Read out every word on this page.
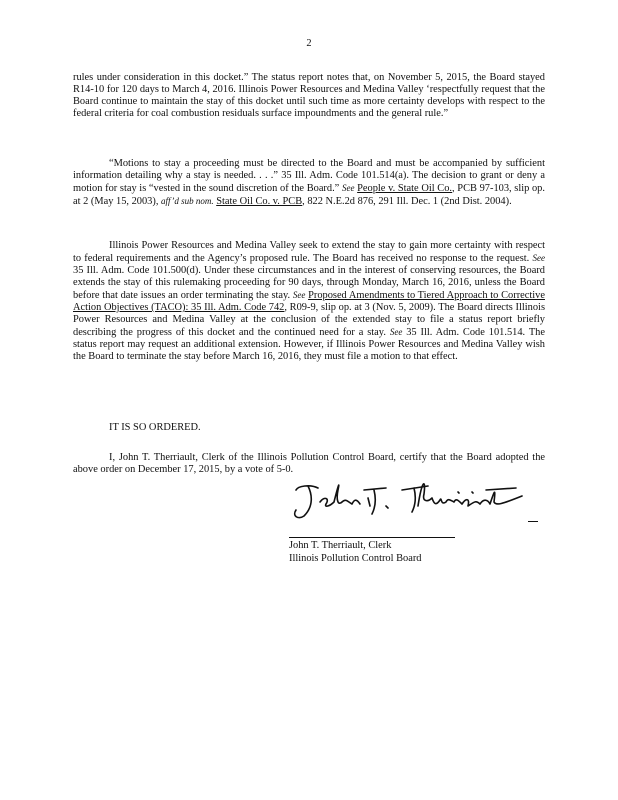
2
rules under consideration in this docket.” The status report notes that, on November 5, 2015, the Board stayed R14-10 for 120 days to March 4, 2016. Illinois Power Resources and Medina Valley ‘respectfully request that the Board continue to maintain the stay of this docket until such time as more certainty develops with respect to the federal criteria for coal combustion residuals surface impoundments and the general rule.”
“Motions to stay a proceeding must be directed to the Board and must be accompanied by sufficient information detailing why a stay is needed. . . .” 35 Ill. Adm. Code 101.514(a). The decision to grant or deny a motion for stay is “vested in the sound discretion of the Board.” See People v. State Oil Co., PCB 97-103, slip op. at 2 (May 15, 2003), aff’d sub nom. State Oil Co. v. PCB, 822 N.E.2d 876, 291 Ill. Dec. 1 (2nd Dist. 2004).
Illinois Power Resources and Medina Valley seek to extend the stay to gain more certainty with respect to federal requirements and the Agency’s proposed rule. The Board has received no response to the request. See 35 Ill. Adm. Code 101.500(d). Under these circumstances and in the interest of conserving resources, the Board extends the stay of this rulemaking proceeding for 90 days, through Monday, March 16, 2016, unless the Board before that date issues an order terminating the stay. See Proposed Amendments to Tiered Approach to Corrective Action Objectives (TACO): 35 Ill. Adm. Code 742, R09-9, slip op. at 3 (Nov. 5, 2009). The Board directs Illinois Power Resources and Medina Valley at the conclusion of the extended stay to file a status report briefly describing the progress of this docket and the continued need for a stay. See 35 Ill. Adm. Code 101.514. The status report may request an additional extension. However, if Illinois Power Resources and Medina Valley wish the Board to terminate the stay before March 16, 2016, they must file a motion to that effect.
IT IS SO ORDERED.
I, John T. Therriault, Clerk of the Illinois Pollution Control Board, certify that the Board adopted the above order on December 17, 2015, by a vote of 5-0.
John T. Therriault, Clerk
Illinois Pollution Control Board
